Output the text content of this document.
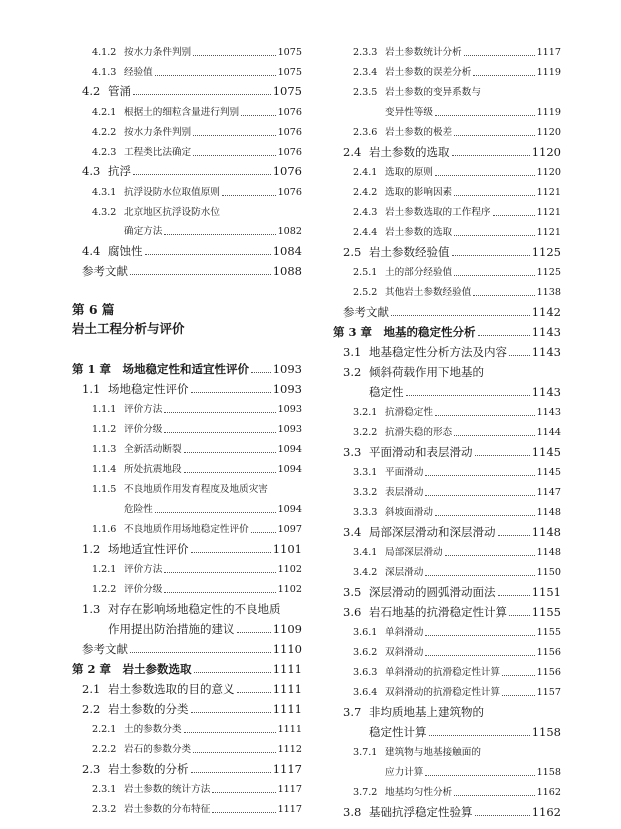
4.1.2 按水力条件判别	1075
4.1.3 经验值	1075
4.2 管涌	1075
4.2.1 根据土的细粒含量进行判别	1076
4.2.2 按水力条件判别	1076
4.2.3 工程类比法确定	1076
4.3 抗浮	1076
4.3.1 抗浮设防水位取值原则	1076
4.3.2 北京地区抗浮设防水位
确定方法	1082
4.4 腐蚀性	1084
参考文献	1088
第 6 篇
岩土工程分析与评价
第 1 章　场地稳定性和适宜性评价 1093
1.1 场地稳定性评价	1093
1.1.1 评价方法	1093
1.1.2 评价分级	1093
1.1.3 全新活动断裂	1094
1.1.4 所处抗震地段	1094
1.1.5 不良地质作用发育程度及地质灾害
危险性	1094
1.1.6 不良地质作用场地稳定性评价	1097
1.2 场地适宜性评价	1101
1.2.1 评价方法	1102
1.2.2 评价分级	1102
1.3 对存在影响场地稳定性的不良地质
作用提出防治措施的建议	1109
参考文献	1110
第 2 章　岩土参数选取	1111
2.1 岩土参数选取的目的意义	1111
2.2 岩土参数的分类	1111
2.2.1 土的参数分类	1111
2.2.2 岩石的参数分类	1112
2.3 岩土参数的分析	1117
2.3.1 岩土参数的统计方法	1117
2.3.2 岩土参数的分布特征	1117
2.3.3 岩土参数统计分析	1117
2.3.4 岩土参数的误差分析	1119
2.3.5 岩土参数的变异系数与
变异性等级	1119
2.3.6 岩土参数的极差	1120
2.4 岩土参数的选取	1120
2.4.1 选取的原则	1120
2.4.2 选取的影响因素	1121
2.4.3 岩土参数选取的工作程序	1121
2.4.4 岩土参数的选取	1121
2.5 岩土参数经验值	1125
2.5.1 土的部分经验值	1125
2.5.2 其他岩土参数经验值	1138
参考文献	1142
第 3 章　地基的稳定性分析	1143
3.1 地基稳定性分析方法及内容 1143
3.2 倾斜荷载作用下地基的
稳定性	1143
3.2.1 抗滑稳定性	1143
3.2.2 抗滑失稳的形态	1144
3.3 平面滑动和表层滑动	1145
3.3.1 平面滑动	1145
3.3.2 表层滑动	1147
3.3.3 斜坡面滑动	1148
3.4 局部深层滑动和深层滑动	1148
3.4.1 局部深层滑动	1148
3.4.2 深层滑动	1150
3.5 深层滑动的圆弧滑动面法	1151
3.6 岩石地基的抗滑稳定性计算 1155
3.6.1 单斜滑动	1155
3.6.2 双斜滑动	1156
3.6.3 单斜滑动的抗滑稳定性计算	1156
3.6.4 双斜滑动的抗滑稳定性计算	1157
3.7 非均质地基上建筑物的
稳定性计算	1158
3.7.1 建筑物与地基接触面的
应力计算	1158
3.7.2 地基均匀性分析	1162
3.8 基础抗浮稳定性验算	1162
